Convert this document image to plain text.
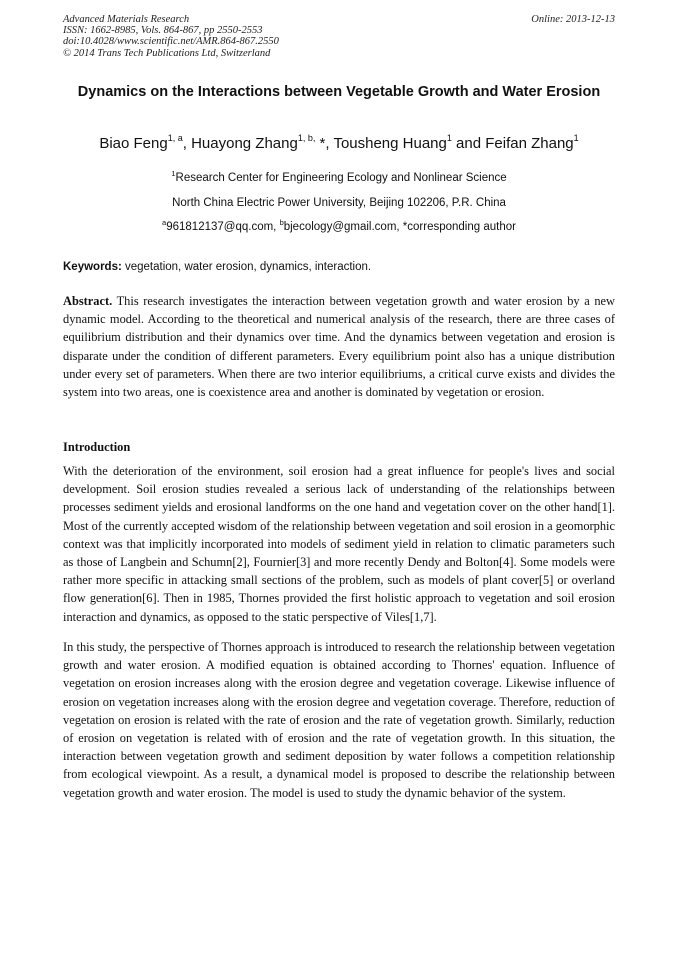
Advanced Materials Research
ISSN: 1662-8985, Vols. 864-867, pp 2550-2553
doi:10.4028/www.scientific.net/AMR.864-867.2550
© 2014 Trans Tech Publications Ltd, Switzerland
Online: 2013-12-13
Dynamics on the Interactions between Vegetable Growth and Water Erosion
Biao Feng$^{1, a}$, Huayong Zhang$^{1, b,}$ *, Tousheng Huang$^1$ and Feifan Zhang$^1$
$^1$Research Center for Engineering Ecology and Nonlinear Science
North China Electric Power University, Beijing 102206, P.R. China
$^a$961812137@qq.com, $^b$bjecology@gmail.com, *corresponding author
Keywords: vegetation, water erosion, dynamics, interaction.
Abstract. This research investigates the interaction between vegetation growth and water erosion by a new dynamic model. According to the theoretical and numerical analysis of the research, there are three cases of equilibrium distribution and their dynamics over time. And the dynamics between vegetation and erosion is disparate under the condition of different parameters. Every equilibrium point also has a unique distribution under every set of parameters. When there are two interior equilibriums, a critical curve exists and divides the system into two areas, one is coexistence area and another is dominated by vegetation or erosion.
Introduction

With the deterioration of the environment, soil erosion had a great influence for people's lives and social development. Soil erosion studies revealed a serious lack of understanding of the relationships between processes sediment yields and erosional landforms on the one hand and vegetation cover on the other hand[1]. Most of the currently accepted wisdom of the relationship between vegetation and soil erosion in a geomorphic context was that implicitly incorporated into models of sediment yield in relation to climatic parameters such as those of Langbein and Schumn[2], Fournier[3] and more recently Dendy and Bolton[4]. Some models were rather more specific in attacking small sections of the problem, such as models of plant cover[5] or overland flow generation[6]. Then in 1985, Thornes provided the first holistic approach to vegetation and soil erosion interaction and dynamics, as opposed to the static perspective of Viles[1,7].

In this study, the perspective of Thornes approach is introduced to research the relationship between vegetation growth and water erosion. A modified equation is obtained according to Thornes' equation. Influence of vegetation on erosion increases along with the erosion degree and vegetation coverage. Likewise influence of erosion on vegetation increases along with the erosion degree and vegetation coverage. Therefore, reduction of vegetation on erosion is related with the rate of erosion and the rate of vegetation growth. Similarly, reduction of erosion on vegetation is related with of erosion and the rate of vegetation growth. In this situation, the interaction between vegetation growth and sediment deposition by water follows a competition relationship from ecological viewpoint. As a result, a dynamical model is proposed to describe the relationship between vegetation growth and water erosion. The model is used to study the dynamic behavior of the system.
